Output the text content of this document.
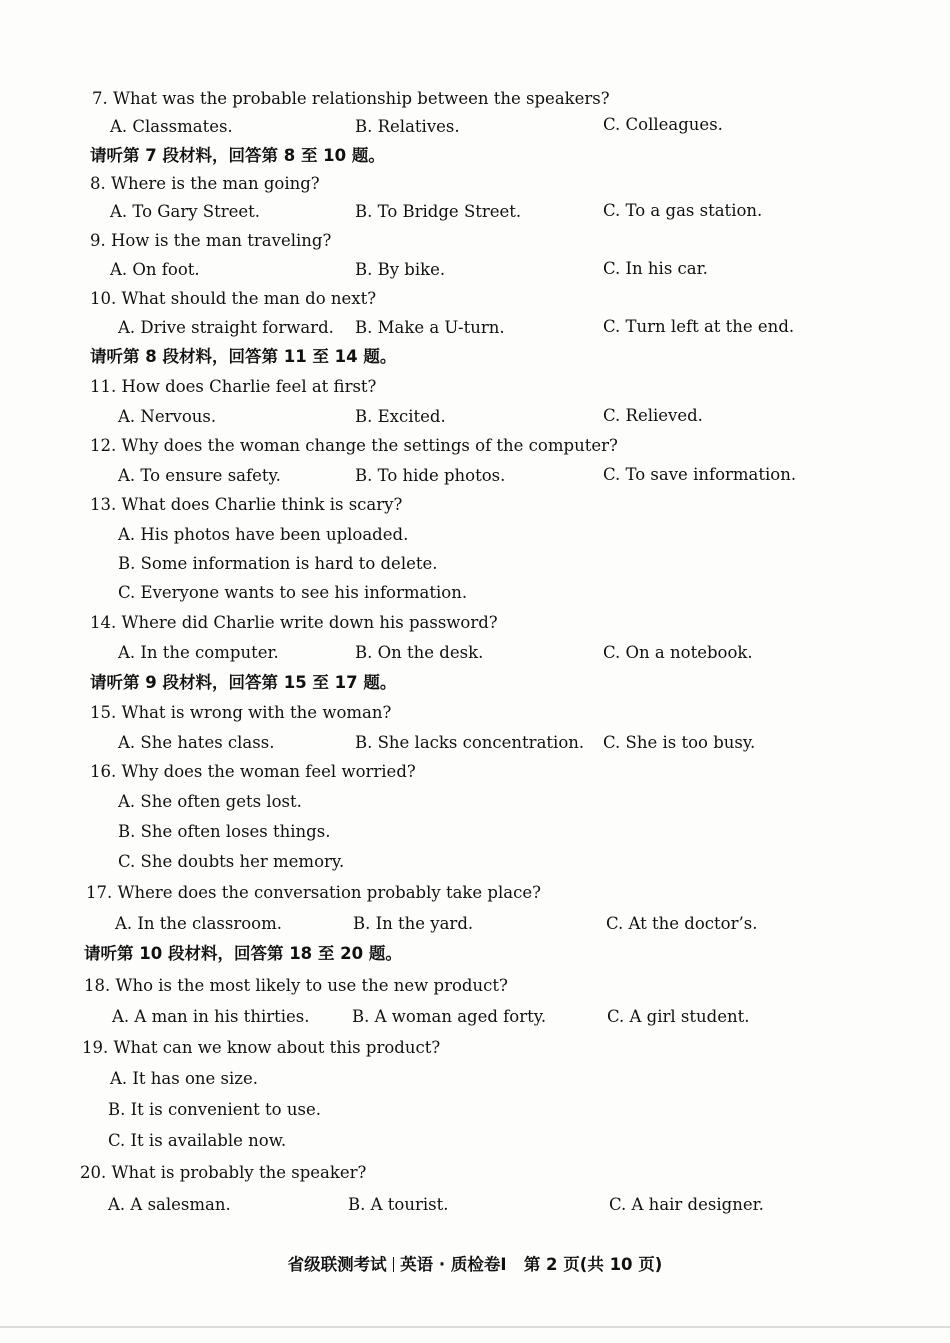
7. What was the probable relationship between the speakers?
A. Classmates.	B. Relatives.	C. Colleagues.
请听第 7 段材料，回答第 8 至 10 题。
8. Where is the man going?
A. To Gary Street.	B. To Bridge Street.	C. To a gas station.
9. How is the man traveling?
A. On foot.	B. By bike.	C. In his car.
10. What should the man do next?
A. Drive straight forward. B. Make a U-turn.	C. Turn left at the end.
请听第 8 段材料，回答第 11 至 14 题。
11. How does Charlie feel at first?
A. Nervous.	B. Excited.	C. Relieved.
12. Why does the woman change the settings of the computer?
A. To ensure safety.	B. To hide photos.	C. To save information.
13. What does Charlie think is scary?
A. His photos have been uploaded.
B. Some information is hard to delete.
C. Everyone wants to see his information.
14. Where did Charlie write down his password?
A. In the computer.	B. On the desk.	C. On a notebook.
请听第 9 段材料，回答第 15 至 17 题。
15. What is wrong with the woman?
A. She hates class.	B. She lacks concentration. C. She is too busy.
16. Why does the woman feel worried?
A. She often gets lost.
B. She often loses things.
C. She doubts her memory.
17. Where does the conversation probably take place?
A. In the classroom.	B. In the yard.	C. At the doctor’s.
请听第 10 段材料，回答第 18 至 20 题。
18. Who is the most likely to use the new product?
A. A man in his thirties.	B. A woman aged forty.	C. A girl student.
19. What can we know about this product?
A. It has one size.
B. It is convenient to use.
C. It is available now.
20. What is probably the speaker?
A. A salesman.	B. A tourist.	C. A hair designer.
省级联测考试 英语 · 质检卷Ⅰ 第 2 页(共 10 页)
